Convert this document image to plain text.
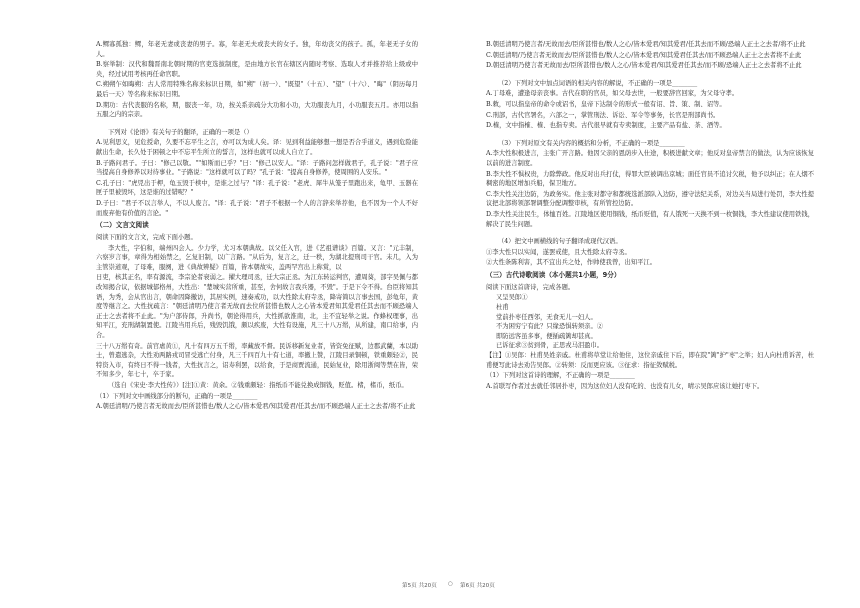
A.鳏寡孤独：鳏，年老无妻或丧妻的男子。寡，年老无夫或丧夫的女子。独，年幼丧父的孩子。孤，年老无子女的人。
B.察举制：汉代和魏晋南北朝时期的官吏选拔制度，是由地方长官在辖区内随时考察、选取人才并推荐给上级或中央，经过试用考核再任命官职。
C.朔朔乍如晦朔：古人常用特殊名称来标识日期，如"朔"（初一）、"既望"（十五）、"望"（十六）、"晦"（阴历每月最后一天）等名称来标识日期。
D.期功：古代丧服的名称，期，服丧一年，功，按关系亲疏分大功和小功，大功服丧九月，小功服丧五月。亦用以指五服之内的宗亲。
下列对《论语》有关句子的翻译，正确的一项是（）
A.见利思义，见危授命，久要不忘平生之言，亦可以为成人矣。译：见到利益能够想一想是否合乎道义，遇到危险能献出生命，长久处于困顿之中不忘平生所立的誓言，这样也就可以成人自立了。
B.子路问君子。子曰："修己以敬。""如斯而已乎？"曰："修己以安人。"译：子路问怎样做君子，孔子说："君子应当提高自身修养以对待事业。"子路说："这样就可以了吗？"孔子说："提高自身修养，使周围的人安乐。"
C.孔子曰："虎兕出于柙，龟玉毁于椟中，是谁之过与？"译：孔子说："老虎、犀牛从笼子里跑出来，龟甲、玉器在匣子里被毁坏，这是谁的过错呢？"
D.子曰："君子不以言举人，不以人废言。"译：孔子说："君子不根据一个人的言辞来举荐他，也不因为一个人不好而废弃他有价值的言论。"
（二）文言文阅读
阅读下面的文言文，完成下面小题。
李大性，字伯和，端州四会人。少力学，尤习本朝典故。以父任入官，进《艺祖谱谈》百篇。又言："元丰制，六察岁言事，章得为相始禁之，乞复旧制，以广言路。"从后为，复言之，迁一秩，为湖北提刑司干官。未几，入为主管崇道观，了母难，服阕，进《典故辨疑》百篇，皆本朝故实，盖两罕宫出上称赏，以
日吏，核其正名，率有源流，李宗论者衰弱之。擢大理司丞，迁大宗正丞。为江东转运判官，遭周葵，部字吴佩与都改知揭合议，依据城郁格州，大性出："楚城实营所重，甚至，舍何故言我兵器，不毁"。于是下令不得。台臣将知其语，为秀，会从官出言，朝命因降撤访，其居实例，速奏戒功，以大性除太府寺丞，降寄简以言事去国，彭龟年，黄度等继言之。大性抗疏言："朝廷清明乃使言者无故而去位所甚惜也数人之心皆本爱君知其爱君任其去而不顾恐端人正士之去者将不止此。"为户部侍郎，升尚书，朝论得用兵，大性抓欲淮南，北，主不宜轻举之说。作蜂权理事，出知平江，充刑湖制置使。江陵当用兵后，残毁饥饿，颇以疾废，大性有设施，凡三十八万缗，从所建，南口给事，内合。
三十八万缗有奇。前官虐黄①，凡十有四万五千缗，率藏放不督。民诉移新复业者，皆资免征赋，边郡武蘭，本以助士，曾遣逃杂，大性劝两路戎司冒受逃亡付身，凡三千四百九十有七道，率撤上赞，江陵目录铜顿，铁重颇轻②，民特资入市，有终日不得一钱者，大性抗言之，诏寿利罢，以给食，于是商贾流通，民始复业，除用浙闽等禁在皆，荣不知多少，年七十，卒于家。
（选自《宋史·李大性传》）[注]①黄：黄余。②钱重颇轻：指纸币不能兑换成铜钱，贬值。楮，楮币，纸币。
（1）下列对文中画线部分的断句，正确的一项是________
A.朝廷清明/乃使言者无故而去/臣所甚惜也/数人之心/皆本爱君/知其爱君/任其去/而不顾恐端人正士之去者/将不止此
B.朝廷清明乃使言者/无故而去/臣所甚惜也/数人之心/皆本爱君/知其爱君/任其去而不顾/恐端人正士之去者/将不止此
C.朝廷清明/乃使言者无故而去/臣所甚惜也/数人之心/皆本爱君/知其爱君任其去/而不顾恐端人正士之去者将不止此
D.朝廷清明乃使言者无故而去/臣所甚惜也/数人之心/皆本爱君/知其爱君任其去/而不顾/恐端人正士之去者将不止此
（2）下列对文中加点词语的相关内容的解说，不正确的一项是________
A.丁母难，遭逢母亲丧事。古代在职的官员，如父母去世，一般要辞官回家，为父母守孝。
B.敕，可以指皇帝的命令或诏书，皇帝下达制令的形式一般有诏、旨、策、制、诏等。
C.刑部，古代官署名，六部之一，掌管刑法、诉讼、军令等事务，长官是刑部尚书。
D.榷，文中指榷、榷、也指专卖。古代很早就有专卖制度，主要产品有盐、茶、酒等。
（3）下列对原文有关内容的概括和分析，不正确的一项是________
A.李大性积极进言，主张广开言路。他因父亲的恩荫步入仕途，积极进献文章；他反对皇帝禁言的做法，认为应该恢复以前的进言制度。
B.李大性不惧权贵，力除弊政。他反对出兵打仗，得罪大臣被调出京城；面任官员不追讨欠税，他予以纠正；在人烟不稠密的地区增加兵船，保卫地方。
C.李大性关注边防，为政务实。他主张对都守和都统选派部队入边防，遵守法纪关系，对边关当局进行处罚，李大性提议把北部将领部署调整分配调整审核，有所管控边防。
D.李大性关注民生，体恤百姓。江陵地区使用铜钱，纸币贬值，有人饿死一天换不到一枚铜钱，李大性建议使用铁钱，解决了民生问题。
（4）把文中画横线的句子翻译成现代汉语。
①李大性只以实闻，遂罢戒使，且大性除太府寺丞。
②大性条陈利害，其不宜出兵之处，作帅使我曾，出知平江。
（三）古代诗歌阅读（本小题共1小题，9分）
阅读下面这首唐诗，完成各题。
又呈吴郎①
杜甫
堂前扑枣任西邻，无食无儿一妇人。
不为困穷宁有此？只缘恐惧转须亲。②
即防远客虽多事，便插疏篱却甚真。
已诉征求③贫到骨，正思戎马泪盈巾。
【注】①吴郎：杜甫吴姓亲戚。杜甫将草堂让给他住，这位亲戚住下后，即在院"篱"护"枣"之举；妇人向杜甫诉苦，杜甫便写此诗去劝告吴郎。②转须：反而更应该。③征求：指征敛赋税。
（1）下列对这首诗的理解，不正确的一项是________
A.首联写作者过去就任邻居扑枣，因为这位妇人没有吃的、也没有儿女，晴示吴郎应该让她打枣下。
第5页 共20页 ○ 第6页 共20页
